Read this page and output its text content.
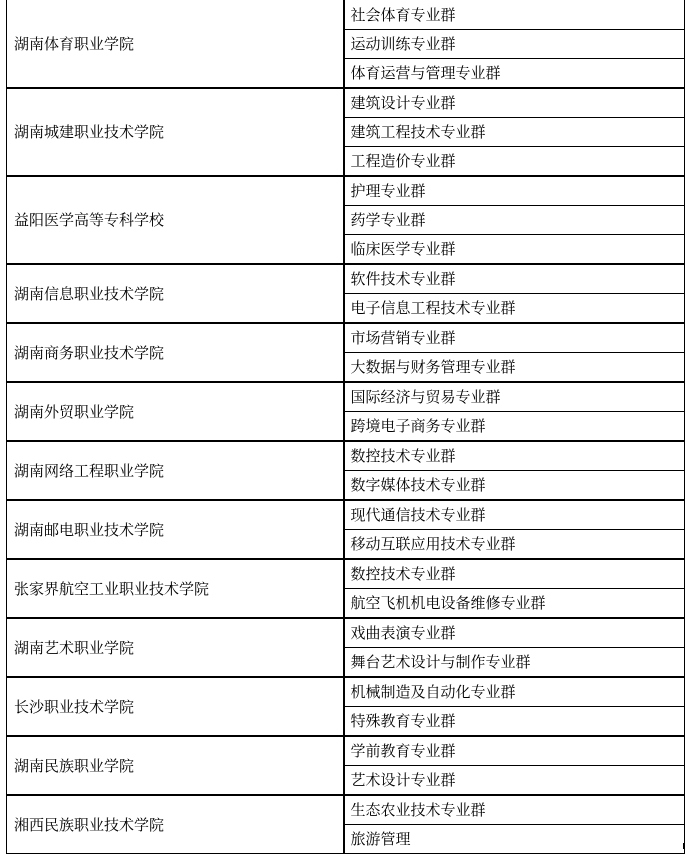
湖南体育职业学院	社会体育专业群
	运动训练专业群
	体育运营与管理专业群
湖南城建职业技术学院	建筑设计专业群
	建筑工程技术专业群
	工程造价专业群
益阳医学高等专科学校	护理专业群
	药学专业群
	临床医学专业群
湖南信息职业技术学院	软件技术专业群
	电子信息工程技术专业群
湖南商务职业技术学院	市场营销专业群
	大数据与财务管理专业群
湖南外贸职业学院	国际经济与贸易专业群
	跨境电子商务专业群
湖南网络工程职业学院	数控技术专业群
	数字媒体技术专业群
湖南邮电职业技术学院	现代通信技术专业群
	移动互联应用技术专业群
张家界航空工业职业技术学院	数控技术专业群
	航空飞机机电设备维修专业群
湖南艺术职业学院	戏曲表演专业群
	舞台艺术设计与制作专业群
长沙职业技术学院	机械制造及自动化专业群
	特殊教育专业群
湖南民族职业学院	学前教育专业群
	艺术设计专业群
湘西民族职业技术学院	生态农业技术专业群
	旅游管理
